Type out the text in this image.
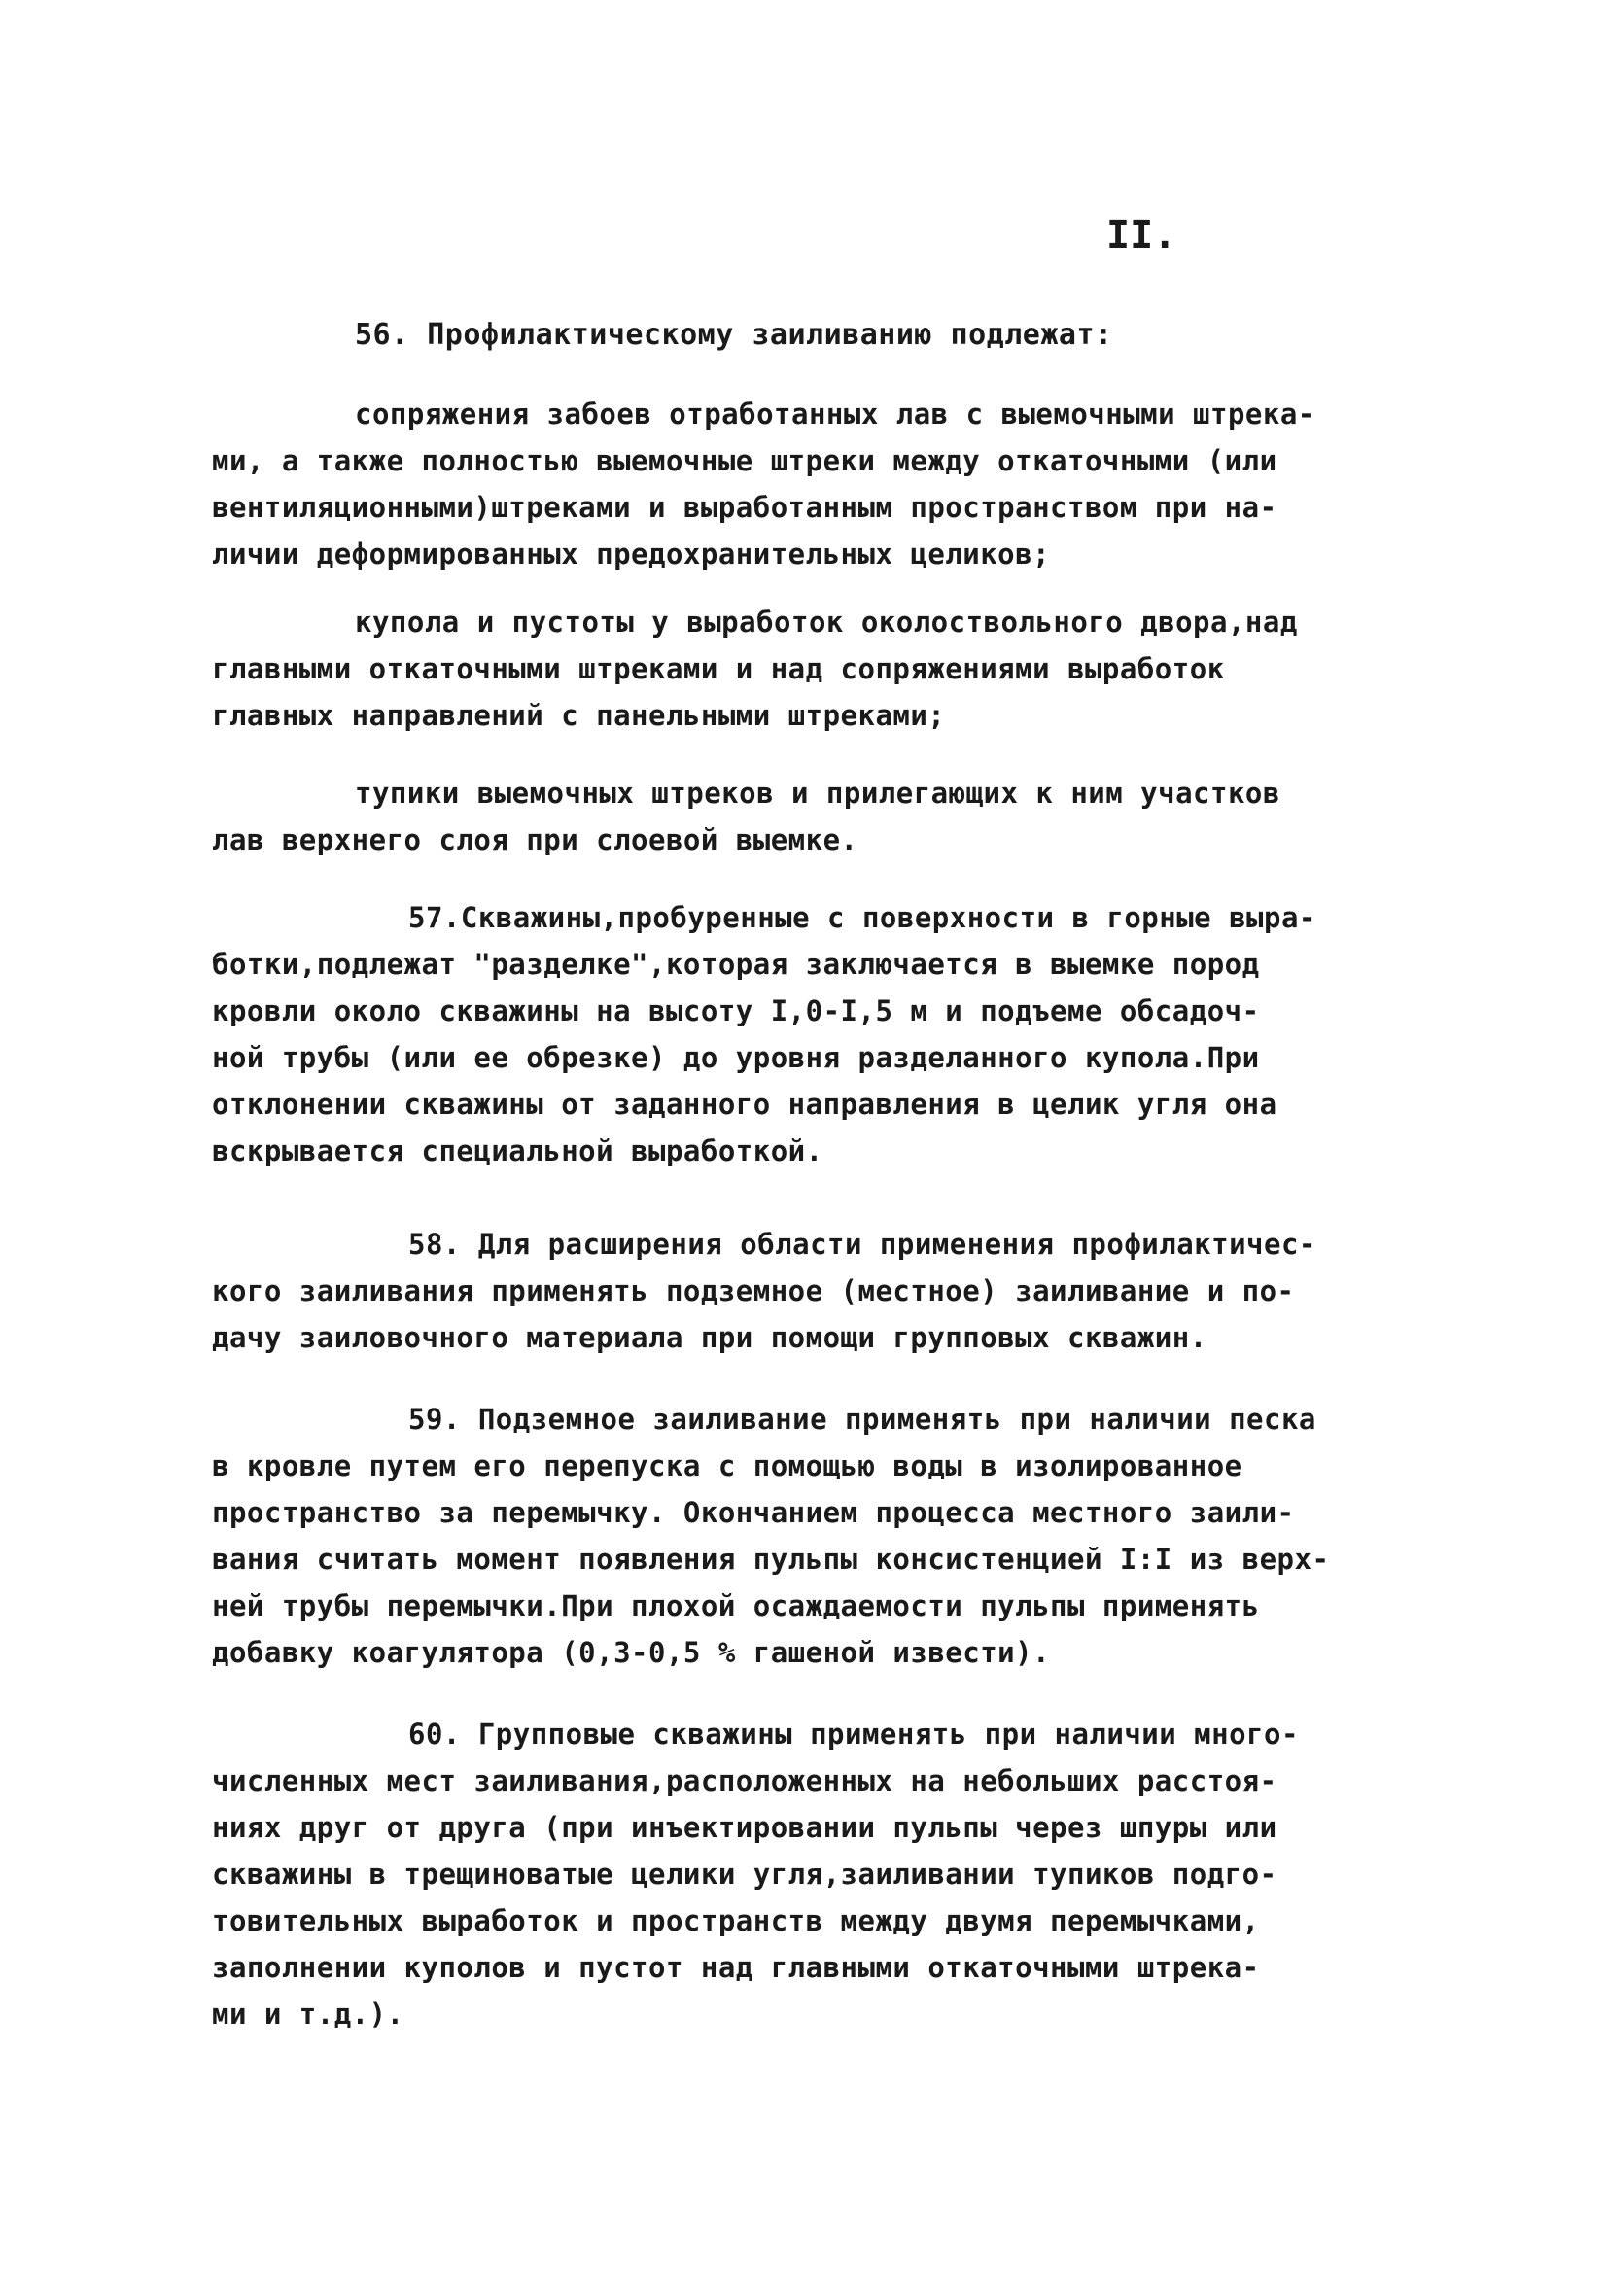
II.
56. Профилактическому заиливанию подлежат:
сопряжения забоев отработанных лав с выемочными штрека-
ми, а также полностью выемочные штреки между откаточными (или
вентиляционными)штреками и выработанным пространством при на-
личии деформированных предохранительных целиков;
купола и пустоты у выработок околоствольного двора,над
главными откаточными штреками и над сопряжениями выработок
главных направлений с панельными штреками;
тупики выемочных штреков и прилегающих к ним участков
лав верхнего слоя при слоевой выемке.
57.Скважины,пробуренные с поверхности в горные выра-
ботки,подлежат "разделке",которая заключается в выемке пород
кровли около скважины на высоту I,0-I,5 м и подъеме обсадоч-
ной трубы (или ее обрезке) до уровня разделанного купола.При
отклонении скважины от заданного направления в целик угля она
вскрывается специальной выработкой.
58. Для расширения области применения профилактичес-
кого заиливания применять подземное (местное) заиливание и по-
дачу заиловочного материала при помощи групповых скважин.
59. Подземное заиливание применять при наличии песка
в кровле путем его перепуска с помощью воды в изолированное
пространство за перемычку. Окончанием процесса местного заили-
вания считать момент появления пульпы консистенцией I:I из верх-
ней трубы перемычки.При плохой осаждаемости пульпы применять
добавку коагулятора (0,3-0,5 % гашеной извести).
60. Групповые скважины применять при наличии много-
численных мест заиливания,расположенных на небольших расстоя-
ниях друг от друга (при инъектировании пульпы через шпуры или
скважины в трещиноватые целики угля,заиливании тупиков подго-
товительных выработок и пространств между двумя перемычками,
заполнении куполов и пустот над главными откаточными штрека-
ми и т.д.).
